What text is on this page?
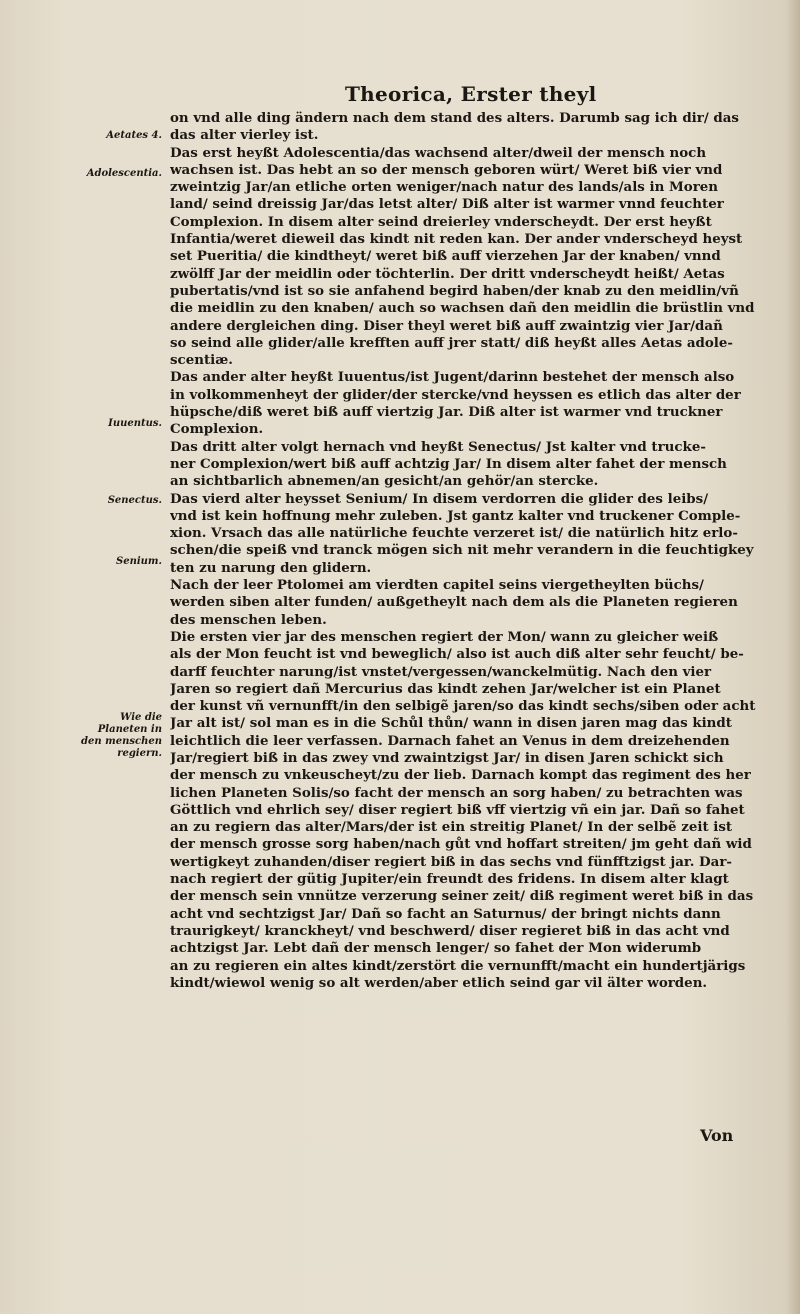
Theorica, Erster theyl
Aetates 4.
Adolescentia.
Iuuentus.
Senectus.
Senium.
Wie die Planeten in den menschen regiern.
on vnd alle ding ändern nach dem stand des alters. Darumb sag ich dir/ das
das alter vierley ist.
Das erst heyßt Adolescentia/das wachsend alter/dweil der mensch noch
wachsen ist. Das hebt an so der mensch geboren würt/ Weret biß vier vnd
zweintzig Jar/an etliche orten weniger/nach natur des lands/als in Moren
land/ seind dreissig Jar/das letst alter/ Diß alter ist warmer vnnd feuchter
Complexion. In disem alter seind dreierley vnderscheydt. Der erst heyßt
Infantia/weret dieweil das kindt nit reden kan. Der ander vnderscheyd heyst
set Pueritia/ die kindtheyt/ weret biß auff vierzehen Jar der knaben/ vnnd
zwölff Jar der meidlin oder töchterlin. Der dritt vnderscheydt heißt/ Aetas
pubertatis/vnd ist so sie anfahend begird haben/der knab zu den meidlin/vñ
die meidlin zu den knaben/ auch so wachsen dañ den meidlin die brüstlin vnd
andere dergleichen ding. Diser theyl weret biß auff zwaintzig vier Jar/dañ
so seind alle glider/alle krefften auff jrer statt/ diß heyßt alles Aetas adole-
scentiæ.
Das ander alter heyßt Iuuentus/ist Jugent/darinn bestehet der mensch also
in volkommenheyt der glider/der stercke/vnd heyssen es etlich das alter der
hüpsche/diß weret biß auff viertzig Jar. Diß alter ist warmer vnd truckner
Complexion.
Das dritt alter volgt hernach vnd heyßt Senectus/ Jst kalter vnd trucke-
ner Complexion/wert biß auff achtzig Jar/ In disem alter fahet der mensch
an sichtbarlich abnemen/an gesicht/an gehör/an stercke.
Das vierd alter heysset Senium/ In disem verdorren die glider des leibs/
vnd ist kein hoffnung mehr zuleben. Jst gantz kalter vnd truckener Comple-
xion. Vrsach das alle natürliche feuchte verzeret ist/ die natürlich hitz erlo-
schen/die speiß vnd tranck mögen sich nit mehr verandern in die feuchtigkey
ten zu narung den glidern.
Nach der leer Ptolomei am vierdten capitel seins viergetheylten büchs/
werden siben alter funden/ außgetheylt nach dem als die Planeten regieren
des menschen leben.
Die ersten vier jar des menschen regiert der Mon/ wann zu gleicher weiß
als der Mon feucht ist vnd beweglich/ also ist auch diß alter sehr feucht/ be-
darff feuchter narung/ist vnstet/vergessen/wanckelmütig. Nach den vier
Jaren so regiert dañ Mercurius das kindt zehen Jar/welcher ist ein Planet
der kunst vñ vernunfft/in den selbigẽ jaren/so das kindt sechs/siben oder acht
Jar alt ist/ sol man es in die Schůl thůn/ wann in disen jaren mag das kindt
leichtlich die leer verfassen. Darnach fahet an Venus in dem dreizehenden
Jar/regiert biß in das zwey vnd zwaintzigst Jar/ in disen Jaren schickt sich
der mensch zu vnkeuscheyt/zu der lieb. Darnach kompt das regiment des her
lichen Planeten Solis/so facht der mensch an sorg haben/ zu betrachten was
Göttlich vnd ehrlich sey/ diser regiert biß vff viertzig vñ ein jar. Dañ so fahet
an zu regiern das alter/Mars/der ist ein streitig Planet/ In der selbẽ zeit ist
der mensch grosse sorg haben/nach gůt vnd hoffart streiten/ jm geht dañ wid
wertigkeyt zuhanden/diser regiert biß in das sechs vnd fünfftzigst jar. Dar-
nach regiert der gütig Jupiter/ein freundt des fridens. In disem alter klagt
der mensch sein vnnütze verzerung seiner zeit/ diß regiment weret biß in das
acht vnd sechtzigst Jar/ Dañ so facht an Saturnus/ der bringt nichts dann
traurigkeyt/ kranckheyt/ vnd beschwerd/ diser regieret biß in das acht vnd
achtzigst Jar. Lebt dañ der mensch lenger/ so fahet der Mon widerumb
an zu regieren ein altes kindt/zerstört die vernunfft/macht ein hundertjärigs
kindt/wiewol wenig so alt werden/aber etlich seind gar vil älter worden.
Von
